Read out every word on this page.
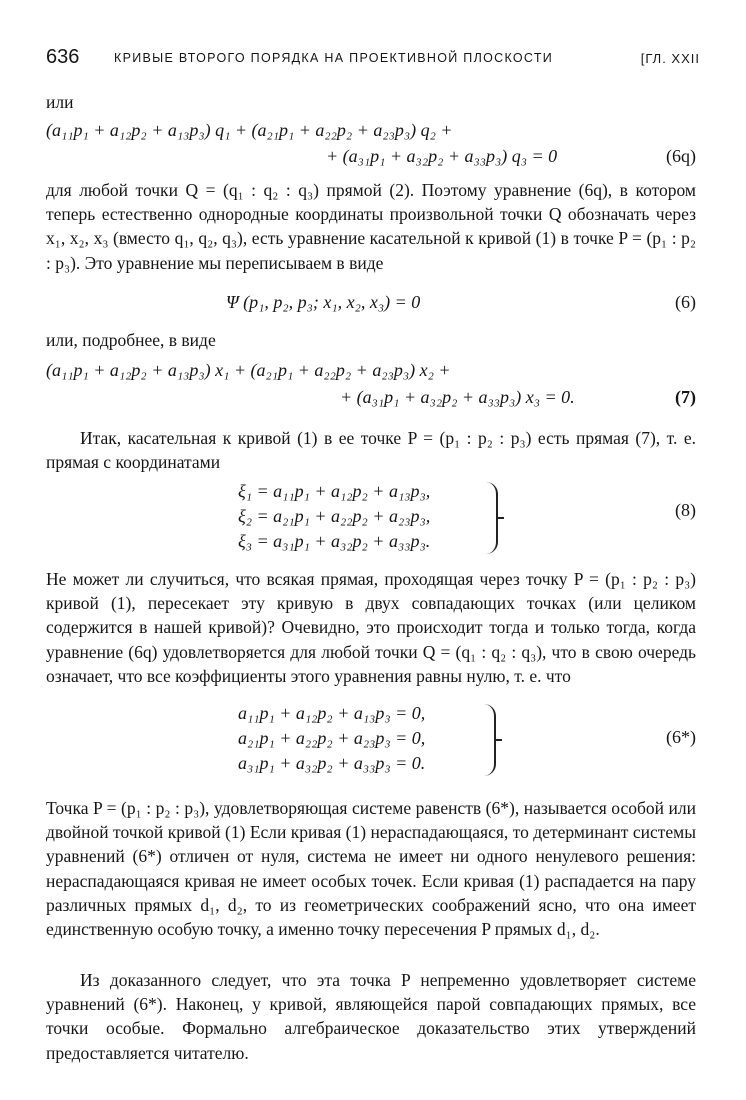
636	КРИВЫЕ ВТОРОГО ПОРЯДКА НА ПРОЕКТИВНОЙ ПЛОСКОСТИ	[ГЛ. XXII
или
(a₁₁p₁ + a₁₂p₂ + a₁₃p₃) q₁ + (a₂₁p₁ + a₂₂p₂ + a₂₃p₃) q₂ +
+ (a₃₁p₁ + a₃₂p₂ + a₃₃p₃) q₃ = 0	(6q)
для любой точки Q = (q₁ : q₂ : q₃) прямой (2). Поэтому уравнение (6q), в котором теперь естественно однородные координаты произвольной точки Q обозначать через x₁, x₂, x₃ (вместо q₁, q₂, q₃), есть уравнение касательной к кривой (1) в точке P = (p₁ : p₂ : p₃). Это уравнение мы переписываем в виде
Ψ (p₁, p₂, p₃; x₁, x₂, x₃) = 0	(6)
или, подробнее, в виде
(a₁₁p₁ + a₁₂p₂ + a₁₃p₃) x₁ + (a₂₁p₁ + a₂₂p₂ + a₂₃p₃) x₂ +
+ (a₃₁p₁ + a₃₂p₂ + a₃₃p₃) x₃ = 0.	(7)
Итак, касательная к кривой (1) в ее точке P = (p₁ : p₂ : p₃) есть прямая (7), т. е. прямая с координатами
ξ₁ = a₁₁p₁ + a₁₂p₂ + a₁₃p₃,
ξ₂ = a₂₁p₁ + a₂₂p₂ + a₂₃p₃,
ξ₃ = a₃₁p₁ + a₃₂p₂ + a₃₃p₃.
(8)
Не может ли случиться, что всякая прямая, проходящая через точку P = (p₁ : p₂ : p₃) кривой (1), пересекает эту кривую в двух совпадающих точках (или целиком содержится в нашей кривой)? Очевидно, это происходит тогда и только тогда, когда уравнение (6q) удовлетворяется для любой точки Q = (q₁ : q₂ : q₃), что в свою очередь означает, что все коэффициенты этого уравнения равны нулю, т. е. что
a₁₁p₁ + a₁₂p₂ + a₁₃p₃ = 0,
a₂₁p₁ + a₂₂p₂ + a₂₃p₃ = 0,
a₃₁p₁ + a₃₂p₂ + a₃₃p₃ = 0.
(6*)
Точка P = (p₁ : p₂ : p₃), удовлетворяющая системе равенств (6*), называется особой или двойной точкой кривой (1) Если кривая (1) нераспадающаяся, то детерминант системы уравнений (6*) отличен от нуля, система не имеет ни одного ненулевого решения: нераспадающаяся кривая не имеет особых точек. Если кривая (1) распадается на пару различных прямых d₁, d₂, то из геометрических соображений ясно, что она имеет единственную особую точку, а именно точку пересечения P прямых d₁, d₂.
Из доказанного следует, что эта точка P непременно удовлетворяет системе уравнений (6*). Наконец, у кривой, являющейся парой совпадающих прямых, все точки особые. Формально алгебраическое доказательство этих утверждений предоставляется читателю.
